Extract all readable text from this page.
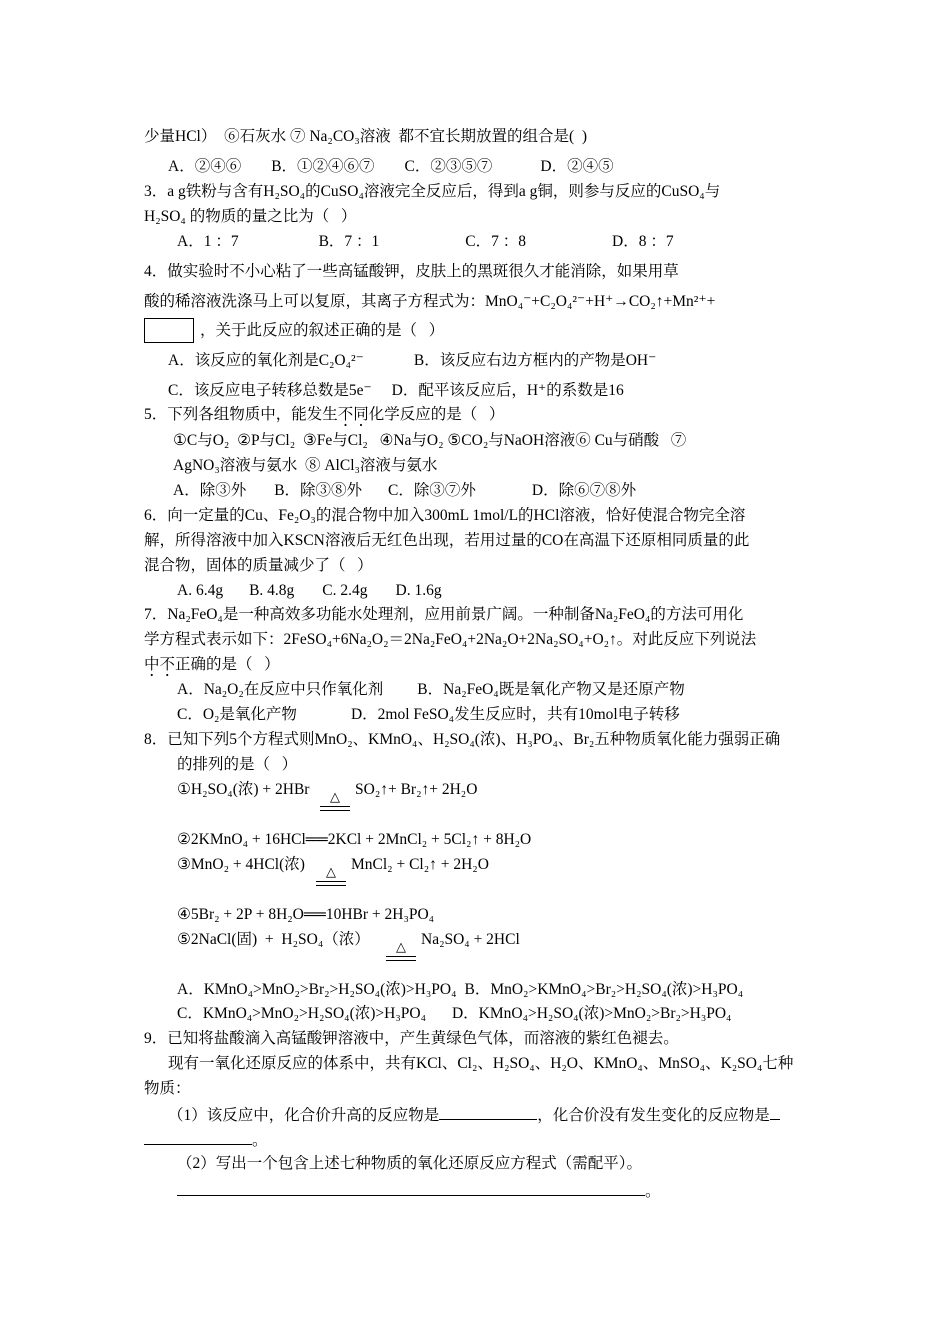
少量HCl）  ⑥石灰水 ⑦ Na₂CO₃溶液  都不宜长期放置的组合是(  )
A．②④⑥ B．①②④⑥⑦ C．②③⑤⑦	D．②④⑤
3．a g铁粉与含有H₂SO₄的CuSO₄溶液完全反应后，得到a g铜，则参与反应的CuSO₄与
H₂SO₄ 的物质的量之比为（   ）
A．1 ：7	B．7 ：1	C．7 ：8	D．8 ：7
4．做实验时不小心粘了一些高锰酸钾，皮肤上的黑斑很久才能消除，如果用草
酸的稀溶液洗涤马上可以复原，其离子方程式为：MnO₄⁻+C₂O₄²⁻+H⁺→CO₂↑+Mn²⁺+
，关于此反应的叙述正确的是（   ）
A．该反应的氧化剂是C₂O₄²⁻	B．该反应右边方框内的产物是OH⁻
C．该反应电子转移总数是5e⁻ D．配平该反应后，H⁺的系数是16
5．下列各组物质中，能发生不同化学反应的是（   ）
①C与O₂  ②P与Cl₂  ③Fe与Cl₂   ④Na与O₂ ⑤CO₂与NaOH溶液⑥ Cu与硝酸   ⑦
AgNO₃溶液与氨水  ⑧ AlCl₃溶液与氨水
A．除③外 B．除③⑧外 C．除③⑦外	D．除⑥⑦⑧外
6．向一定量的Cu、Fe₂O₃的混合物中加入300mL 1mol/L的HCl溶液，恰好使混合物完全溶
解，所得溶液中加入KSCN溶液后无红色出现，若用过量的CO在高温下还原相同质量的此
混合物，固体的质量减少了（   ）
A. 6.4g B. 4.8g C. 2.4g D. 1.6g
7．Na₂FeO₄是一种高效多功能水处理剂，应用前景广阔。一种制备Na₂FeO₄的方法可用化
学方程式表示如下：2FeSO₄+6Na₂O₂＝2Na₂FeO₄+2Na₂O+2Na₂SO₄+O₂↑。对此反应下列说法
中不正确的是（   ）
A．Na₂O₂在反应中只作氧化剂 B．Na₂FeO₄既是氧化产物又是还原产物
C．O₂是氧化产物	D．2mol FeSO₄发生反应时，共有10mol电子转移
8．已知下列5个方程式则MnO₂、KMnO₄、H₂SO₄(浓)、H₃PO₄、Br₂五种物质氧化能力强弱正确
的排列的是（   ）
①H₂SO₄(浓) + 2HBr	△ SO₂↑+ Br₂↑+ 2H₂O
②2KMnO₄ + 16HCl══2KCl + 2MnCl₂ + 5Cl₂↑ + 8H₂O
③MnO₂ + 4HCl(浓)	△ MnCl₂ + Cl₂↑ + 2H₂O
④5Br₂ + 2P + 8H₂O══10HBr + 2H₃PO₄
⑤2NaCl(固)  +  H₂SO₄（浓）	△ Na₂SO₄ + 2HCl
A．KMnO₄>MnO₂>Br₂>H₂SO₄(浓)>H₃PO₄ B．MnO₂>KMnO₄>Br₂>H₂SO₄(浓)>H₃PO₄
C．KMnO₄>MnO₂>H₂SO₄(浓)>H₃PO₄ D．KMnO₄>H₂SO₄(浓)>MnO₂>Br₂>H₃PO₄
9．已知将盐酸滴入高锰酸钾溶液中，产生黄绿色气体，而溶液的紫红色褪去。
现有一氧化还原反应的体系中，共有KCl、Cl₂、H₂SO₄、H₂O、KMnO₄、MnSO₄、K₂SO₄七种
物质：
（1）该反应中，化合价升高的反应物是	，化合价没有发生变化的反应物是
。
（2）写出一个包含上述七种物质的氧化还原反应方程式（需配平）。
。
